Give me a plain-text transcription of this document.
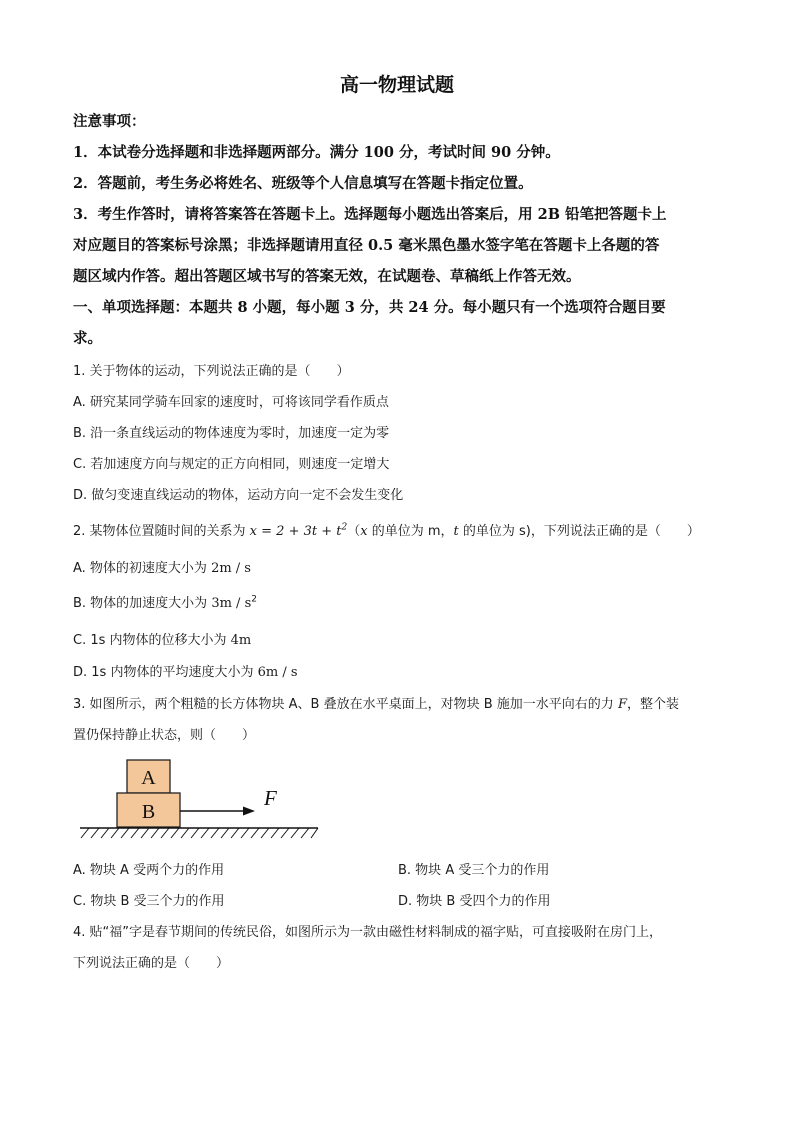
高一物理试题
注意事项：
1．本试卷分选择题和非选择题两部分。满分 100 分，考试时间 90 分钟。
2．答题前，考生务必将姓名、班级等个人信息填写在答题卡指定位置。
3．考生作答时，请将答案答在答题卡上。选择题每小题选出答案后，用 2B 铅笔把答题卡上
对应题目的答案标号涂黑；非选择题请用直径 0.5 毫米黑色墨水签字笔在答题卡上各题的答
题区域内作答。超出答题区域书写的答案无效，在试题卷、草稿纸上作答无效。
一、单项选择题：本题共 8 小题，每小题 3 分，共 24 分。每小题只有一个选项符合题目要
求。
1. 关于物体的运动，下列说法正确的是（　　）
A. 研究某同学骑车回家的速度时，可将该同学看作质点
B. 沿一条直线运动的物体速度为零时，加速度一定为零
C. 若加速度方向与规定的正方向相同，则速度一定增大
D. 做匀变速直线运动的物体，运动方向一定不会发生变化
2. 某物体位置随时间的关系为 $x = 2 + 3t + t^2(x$ 的单位为 m，t 的单位为 s)，下列说法正确的是（　　）
A. 物体的初速度大小为 2m / s
B. 物体的加速度大小为 $3m / s^2$
C. 1s 内物体的位移大小为 4m
D. 1s 内物体的平均速度大小为 6m / s
3. 如图所示，两个粗糙的长方体物块 A、B 叠放在水平桌面上，对物块 B 施加一水平向右的力 F，整个装
置仍保持静止状态，则（　　）
A
B
F
A. 物块 A 受两个力的作用	B. 物块 A 受三个力的作用
C. 物块 B 受三个力的作用	D. 物块 B 受四个力的作用
4. 贴“福”字是春节期间的传统民俗，如图所示为一款由磁性材料制成的福字贴，可直接吸附在房门上，
下列说法正确的是（　　）
